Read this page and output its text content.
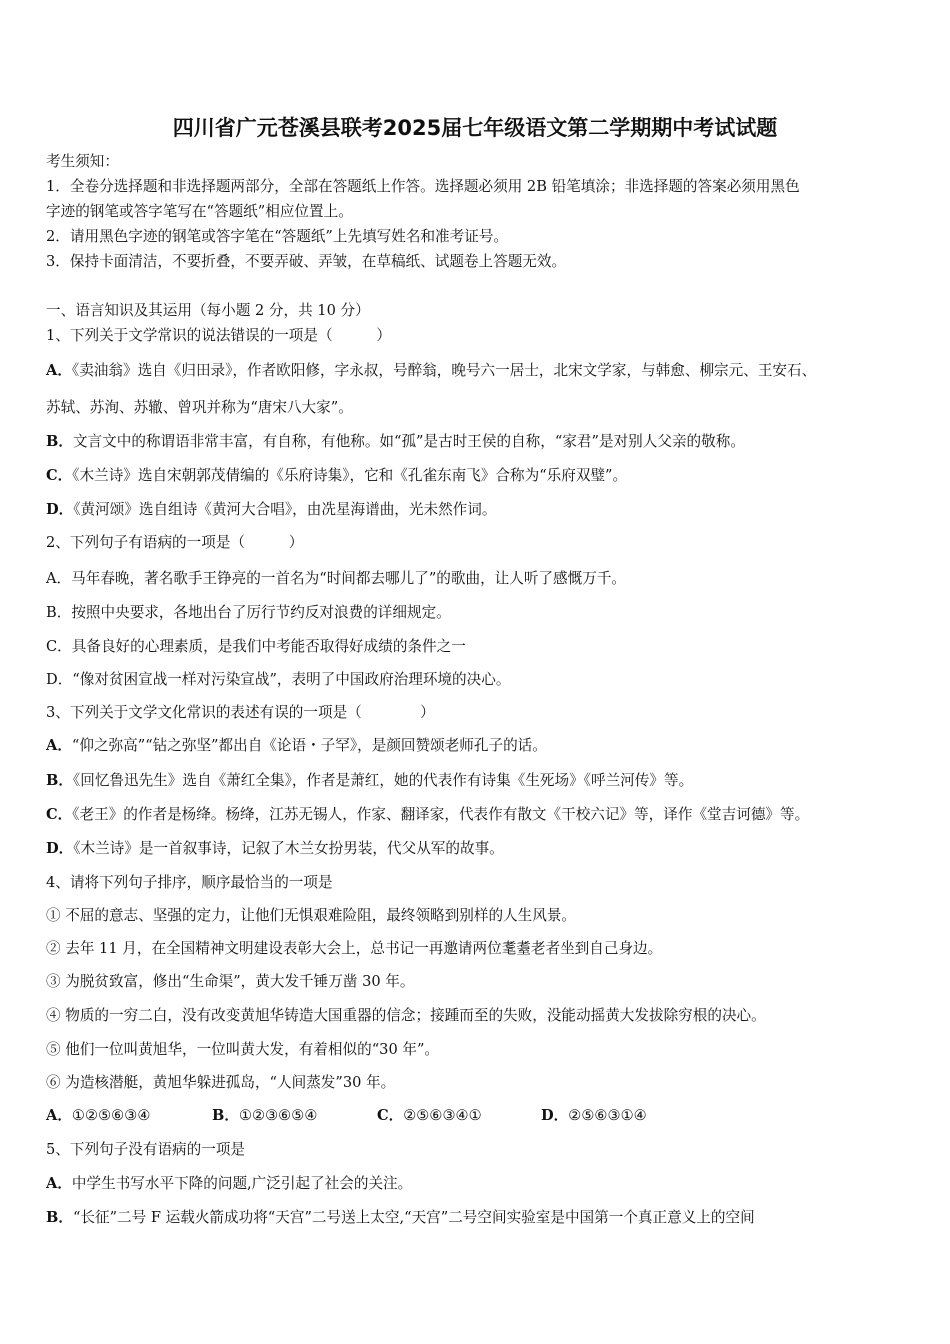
四川省广元苍溪县联考2025届七年级语文第二学期期中考试试题
考生须知：
1．全卷分选择题和非选择题两部分，全部在答题纸上作答。选择题必须用 2B 铅笔填涂；非选择题的答案必须用黑色
字迹的钢笔或答字笔写在“答题纸”相应位置上。
2．请用黑色字迹的钢笔或答字笔在“答题纸”上先填写姓名和准考证号。
3．保持卡面清洁，不要折叠，不要弄破、弄皱，在草稿纸、试题卷上答题无效。
一、语言知识及其运用（每小题 2 分，共 10 分）
1、下列关于文学常识的说法错误的一项是（　　　）
A．《卖油翁》选自《归田录》，作者欧阳修，字永叔，号醉翁，晚号六一居士，北宋文学家，与韩愈、柳宗元、王安石、
苏轼、苏洵、苏辙、曾巩并称为“唐宋八大家”。
B．文言文中的称谓语非常丰富，有自称，有他称。如“孤”是古时王侯的自称，“家君”是对别人父亲的敬称。
C．《木兰诗》选自宋朝郭茂倩编的《乐府诗集》，它和《孔雀东南飞》合称为“乐府双璧”。
D．《黄河颂》选自组诗《黄河大合唱》，由冼星海谱曲，光未然作词。
2、下列句子有语病的一项是（　　　）
A．马年春晚，著名歌手王铮亮的一首名为“时间都去哪儿了”的歌曲，让人听了感慨万千。
B．按照中央要求，各地出台了厉行节约反对浪费的详细规定。
C．具备良好的心理素质，是我们中考能否取得好成绩的条件之一
D．“像对贫困宣战一样对污染宣战”，表明了中国政府治理环境的决心。
3、下列关于文学文化常识的表述有误的一项是（　　　　）
A．“仰之弥高”“钻之弥坚”都出自《论语・子罕》，是颜回赞颂老师孔子的话。
B．《回忆鲁迅先生》选自《萧红全集》，作者是萧红，她的代表作有诗集《生死场》《呼兰河传》等。
C．《老王》的作者是杨绛。杨绛，江苏无锡人，作家、翻译家，代表作有散文《干校六记》等，译作《堂吉诃德》等。
D．《木兰诗》是一首叙事诗，记叙了木兰女扮男装，代父从军的故事。
4、请将下列句子排序，顺序最恰当的一项是
① 不屈的意志、坚强的定力，让他们无惧艰难险阻，最终领略到别样的人生风景。
② 去年 11 月，在全国精神文明建设表彰大会上，总书记一再邀请两位耄耋老者坐到自己身边。
③ 为脱贫致富，修出“生命渠”，黄大发千锤万凿 30 年。
④ 物质的一穷二白，没有改变黄旭华铸造大国重器的信念；接踵而至的失败，没能动摇黄大发拔除穷根的决心。
⑤ 他们一位叫黄旭华，一位叫黄大发，有着相似的“30 年”。
⑥ 为造核潜艇，黄旭华躲进孤岛，“人间蒸发”30 年。
A．①②⑤⑥③④	B．①②③⑥⑤④	C．②⑤⑥③④①	D．②⑤⑥③①④
5、下列句子没有语病的一项是
A．中学生书写水平下降的问题,广泛引起了社会的关注。
B．“长征”二号 F 运载火箭成功将“天宫”二号送上太空,“天宫”二号空间实验室是中国第一个真正意义上的空间
